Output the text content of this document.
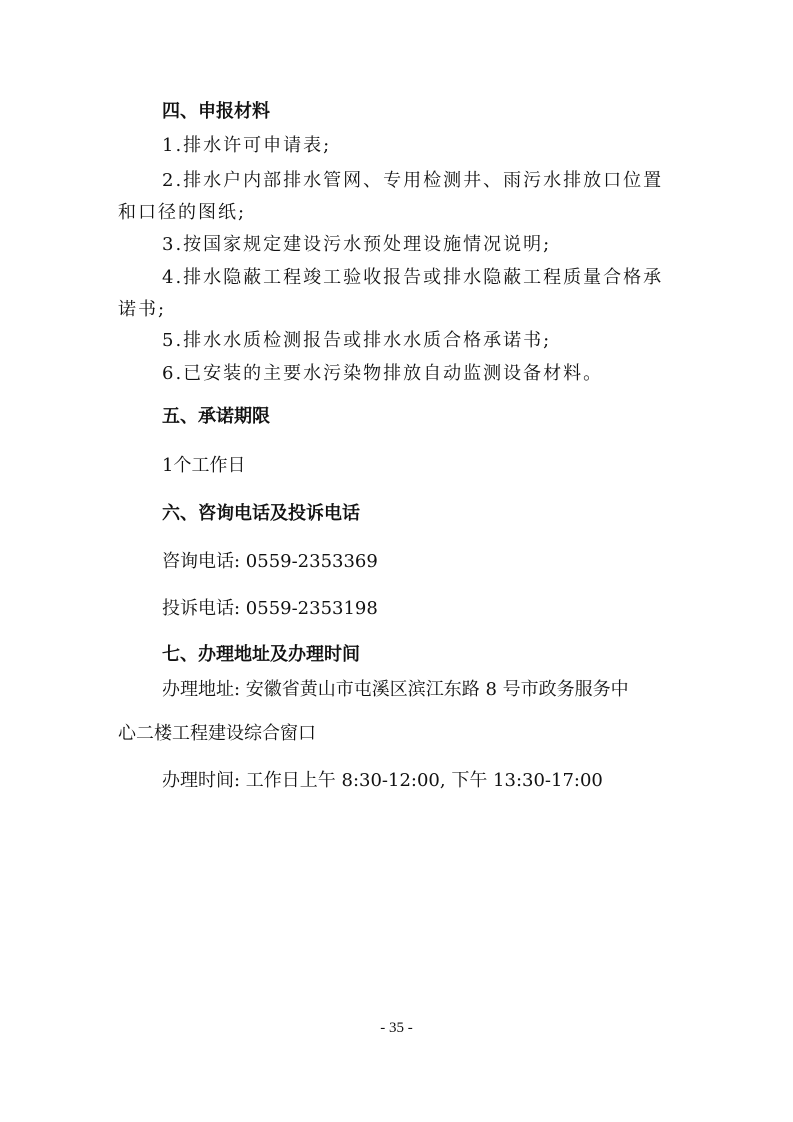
四、申报材料
1.排水许可申请表;
2.排水户内部排水管网、专用检测井、雨污水排放口位置
和口径的图纸;
3.按国家规定建设污水预处理设施情况说明;
4.排水隐蔽工程竣工验收报告或排水隐蔽工程质量合格承
诺书;
5.排水水质检测报告或排水水质合格承诺书;
6.已安装的主要水污染物排放自动监测设备材料。
五、承诺期限
1个工作日
六、咨询电话及投诉电话
咨询电话: 0559-2353369
投诉电话: 0559-2353198
七、办理地址及办理时间
办理地址: 安徽省黄山市屯溪区滨江东路 8 号市政务服务中
心二楼工程建设综合窗口
办理时间: 工作日上午 8:30-12:00, 下午 13:30-17:00
- 35 -
